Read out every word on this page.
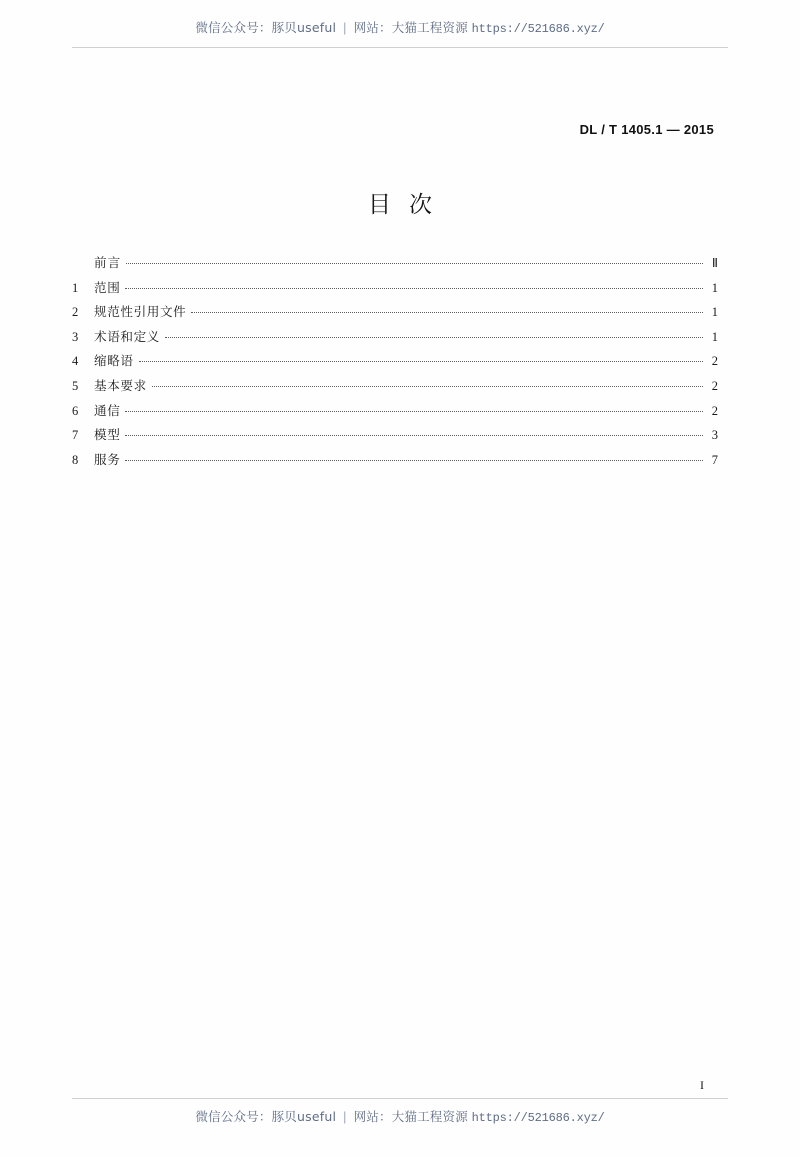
微信公众号：豚贝useful | 网站：大猫工程资源 https://521686.xyz/
DL / T 1405.1 — 2015
目次
前言	Ⅱ
1	范围	1
2	规范性引用文件	1
3	术语和定义	1
4	缩略语	2
5	基本要求	2
6	通信	2
7	模型	3
8	服务	7
I
微信公众号：豚贝useful | 网站：大猫工程资源 https://521686.xyz/
